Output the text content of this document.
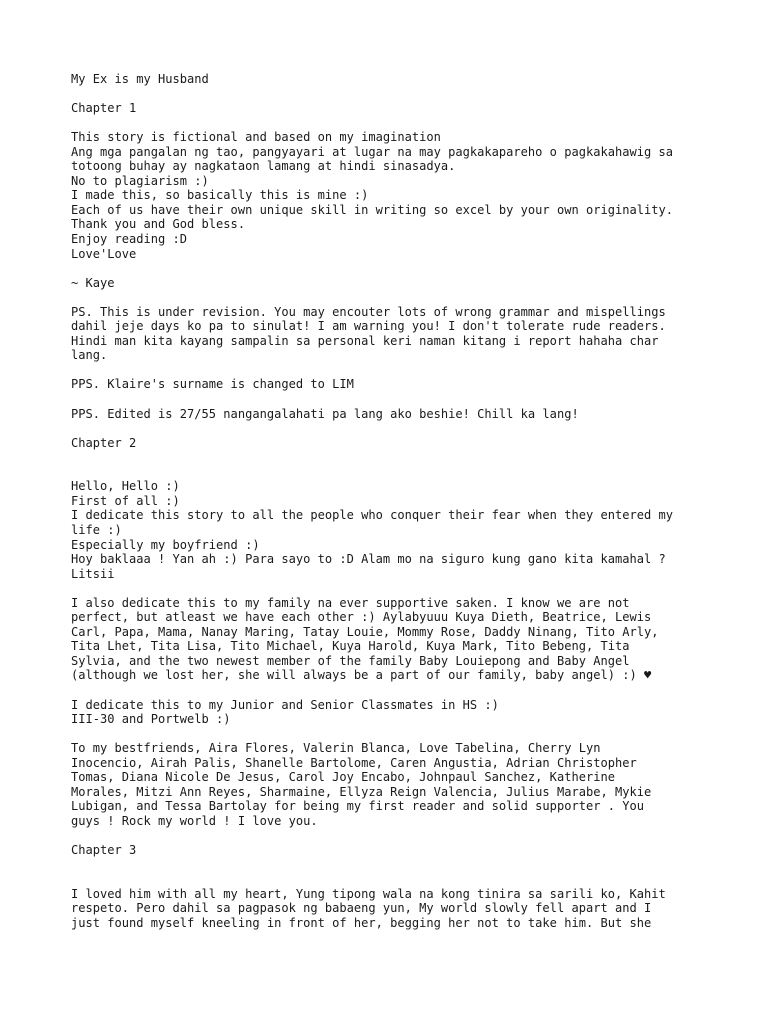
My Ex is my Husband
Chapter 1
This story is fictional and based on my imagination
Ang mga pangalan ng tao, pangyayari at lugar na may pagkakapareho o pagkakahawig sa
totoong buhay ay nagkataon lamang at hindi sinasadya.
No to plagiarism :)
I made this, so basically this is mine :)
Each of us have their own unique skill in writing so excel by your own originality.
Thank you and God bless.
Enjoy reading :D
Love'Love
~ Kaye
PS. This is under revision. You may encouter lots of wrong grammar and mispellings
dahil jeje days ko pa to sinulat! I am warning you! I don't tolerate rude readers.
Hindi man kita kayang sampalin sa personal keri naman kitang i report hahaha char
lang.
PPS. Klaire's surname is changed to LIM
PPS. Edited is 27/55 nangangalahati pa lang ako beshie! Chill ka lang!
Chapter 2
Hello, Hello :)
First of all :)
I dedicate this story to all the people who conquer their fear when they entered my
life :)
Especially my boyfriend :)
Hoy baklaaa ! Yan ah :) Para sayo to :D Alam mo na siguro kung gano kita kamahal ?
Litsii
I also dedicate this to my family na ever supportive saken. I know we are not
perfect, but atleast we have each other :) Aylabyuuu Kuya Dieth, Beatrice, Lewis
Carl, Papa, Mama, Nanay Maring, Tatay Louie, Mommy Rose, Daddy Ninang, Tito Arly,
Tita Lhet, Tita Lisa, Tito Michael, Kuya Harold, Kuya Mark, Tito Bebeng, Tita
Sylvia, and the two newest member of the family Baby Louiepong and Baby Angel
(although we lost her, she will always be a part of our family, baby angel) :) ♥
I dedicate this to my Junior and Senior Classmates in HS :)
III-30 and Portwelb :)
To my bestfriends, Aira Flores, Valerin Blanca, Love Tabelina, Cherry Lyn
Inocencio, Airah Palis, Shanelle Bartolome, Caren Angustia, Adrian Christopher
Tomas, Diana Nicole De Jesus, Carol Joy Encabo, Johnpaul Sanchez, Katherine
Morales, Mitzi Ann Reyes, Sharmaine, Ellyza Reign Valencia, Julius Marabe, Mykie
Lubigan, and Tessa Bartolay for being my first reader and solid supporter . You
guys ! Rock my world ! I love you.
Chapter 3
I loved him with all my heart, Yung tipong wala na kong tinira sa sarili ko, Kahit
respeto. Pero dahil sa pagpasok ng babaeng yun, My world slowly fell apart and I
just found myself kneeling in front of her, begging her not to take him. But she
